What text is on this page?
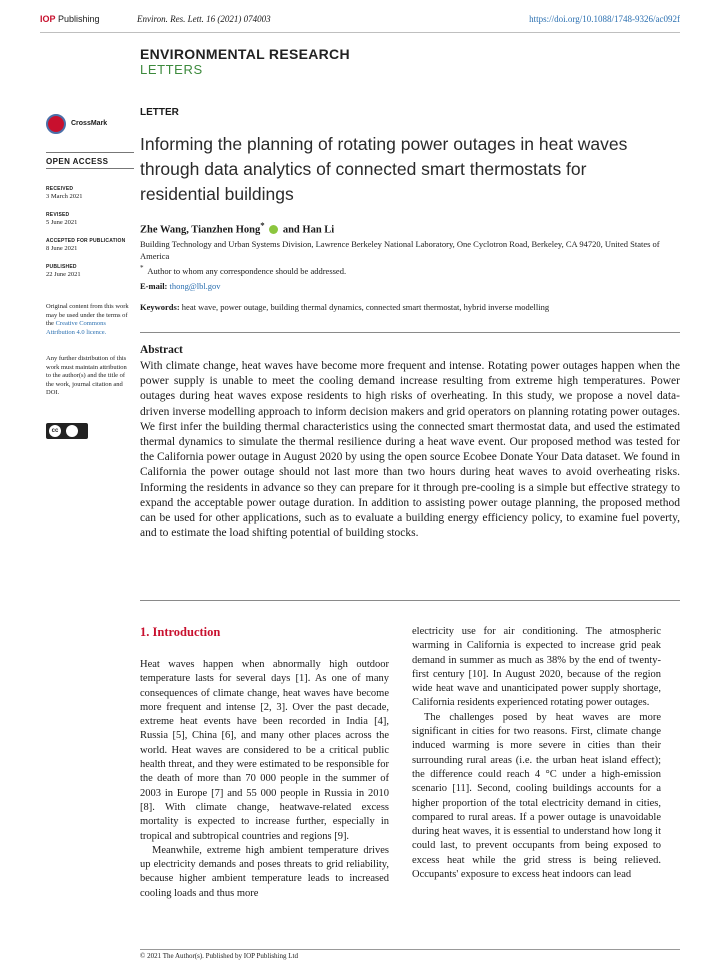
IOP Publishing	Environ. Res. Lett. 16 (2021) 074003	https://doi.org/10.1088/1748-9326/ac092f
ENVIRONMENTAL RESEARCH
LETTERS
CrossMark
OPEN ACCESS
RECEIVED
3 March 2021
REVISED
5 June 2021
ACCEPTED FOR PUBLICATION
8 June 2021
PUBLISHED
22 June 2021
Original content from this work may be used under the terms of the Creative Commons Attribution 4.0 licence.
Any further distribution of this work must maintain attribution to the author(s) and the title of the work, journal citation and DOI.
cc
LETTER
Informing the planning of rotating power outages in heat waves through data analytics of connected smart thermostats for residential buildings
Zhe Wang, Tianzhen Hong* and Han Li
Building Technology and Urban Systems Division, Lawrence Berkeley National Laboratory, One Cyclotron Road, Berkeley, CA 94720, United States of America
* Author to whom any correspondence should be addressed.
E-mail: thong@lbl.gov
Keywords: heat wave, power outage, building thermal dynamics, connected smart thermostat, hybrid inverse modelling
Abstract
With climate change, heat waves have become more frequent and intense. Rotating power outages happen when the power supply is unable to meet the cooling demand increase resulting from extreme high temperatures. Power outages during heat waves expose residents to high risks of overheating. In this study, we propose a novel data-driven inverse modelling approach to inform decision makers and grid operators on planning rotating power outages. We first infer the building thermal characteristics using the connected smart thermostat data, and used the estimated thermal dynamics to simulate the thermal resilience during a heat wave event. Our proposed method was tested for the California power outage in August 2020 by using the open source Ecobee Donate Your Data dataset. We found in California the power outage should not last more than two hours during heat waves to avoid overheating risks. Informing the residents in advance so they can prepare for it through pre-cooling is a simple but effective strategy to expand the acceptable power outage duration. In addition to assisting power outage planning, the proposed method can be used for other applications, such as to evaluate a building energy efficiency policy, to examine fuel poverty, and to estimate the load shifting potential of building stocks.
1. Introduction

Heat waves happen when abnormally high outdoor temperature lasts for several days [1]. As one of many consequences of climate change, heat waves have become more frequent and intense [2, 3]. Over the past decade, extreme heat events have been recorded in India [4], Russia [5], China [6], and many other places across the world. Heat waves are considered to be a critical public health threat, and they were estimated to be responsible for the death of more than 70 000 people in the summer of 2003 in Europe [7] and 55 000 people in Russia in 2010 [8]. With climate change, heatwave-related excess mortality is expected to increase further, especially in tropical and subtropical countries and regions [9].

Meanwhile, extreme high ambient temperature drives up electricity demands and poses threats to grid reliability, because higher ambient temperature leads to increased cooling loads and thus more

electricity use for air conditioning. The atmospheric warming in California is expected to increase grid peak demand in summer as much as 38% by the end of twenty-first century [10]. In August 2020, because of the region wide heat wave and unanticipated power supply shortage, California residents experienced rotating power outages.

The challenges posed by heat waves are more significant in cities for two reasons. First, climate change induced warming is more severe in cities than their surrounding rural areas (i.e. the urban heat island effect); the difference could reach 4 °C under a high-emission scenario [11]. Second, cooling buildings accounts for a higher proportion of the total electricity demand in cities, compared to rural areas. If a power outage is unavoidable during heat waves, it is essential to understand how long it could last, to prevent occupants from being exposed to excess heat while the grid stress is being relieved. Occupants' exposure to excess heat indoors can lead

© 2021 The Author(s). Published by IOP Publishing Ltd
